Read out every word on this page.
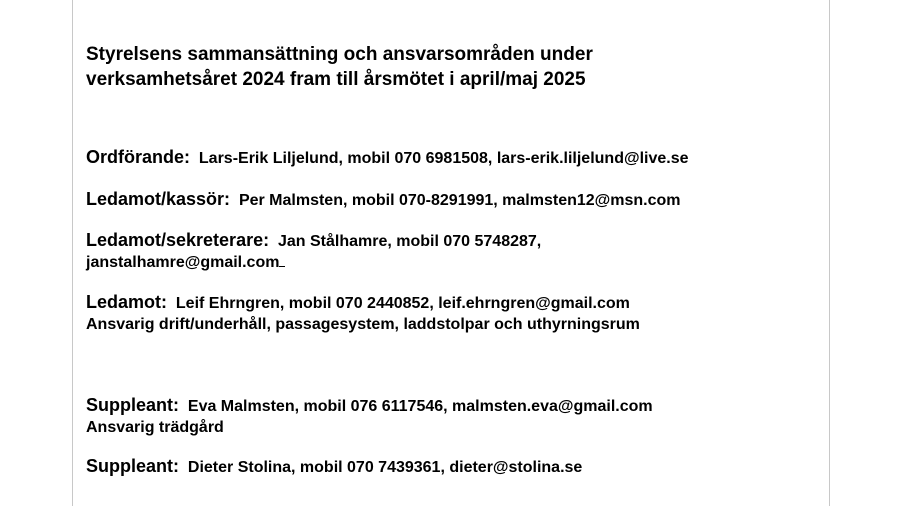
Styrelsens sammansättning och ansvarsområden under
verksamhetsåret 2024 fram till årsmötet i april/maj 2025
Ordförande: Lars-Erik Liljelund, mobil 070 6981508, lars-erik.liljelund@live.se
Ledamot/kassör: Per Malmsten, mobil 070-8291991, malmsten12@msn.com
Ledamot/sekreterare: Jan Stålhamre, mobil 070 5748287,
janstalhamre@gmail.com
Ledamot: Leif Ehrngren, mobil 070 2440852, leif.ehrngren@gmail.com
Ansvarig drift/underhåll, passagesystem, laddstolpar och uthyrningsrum
Suppleant: Eva Malmsten, mobil 076 6117546, malmsten.eva@gmail.com
Ansvarig trädgård
Suppleant: Dieter Stolina, mobil 070 7439361, dieter@stolina.se
